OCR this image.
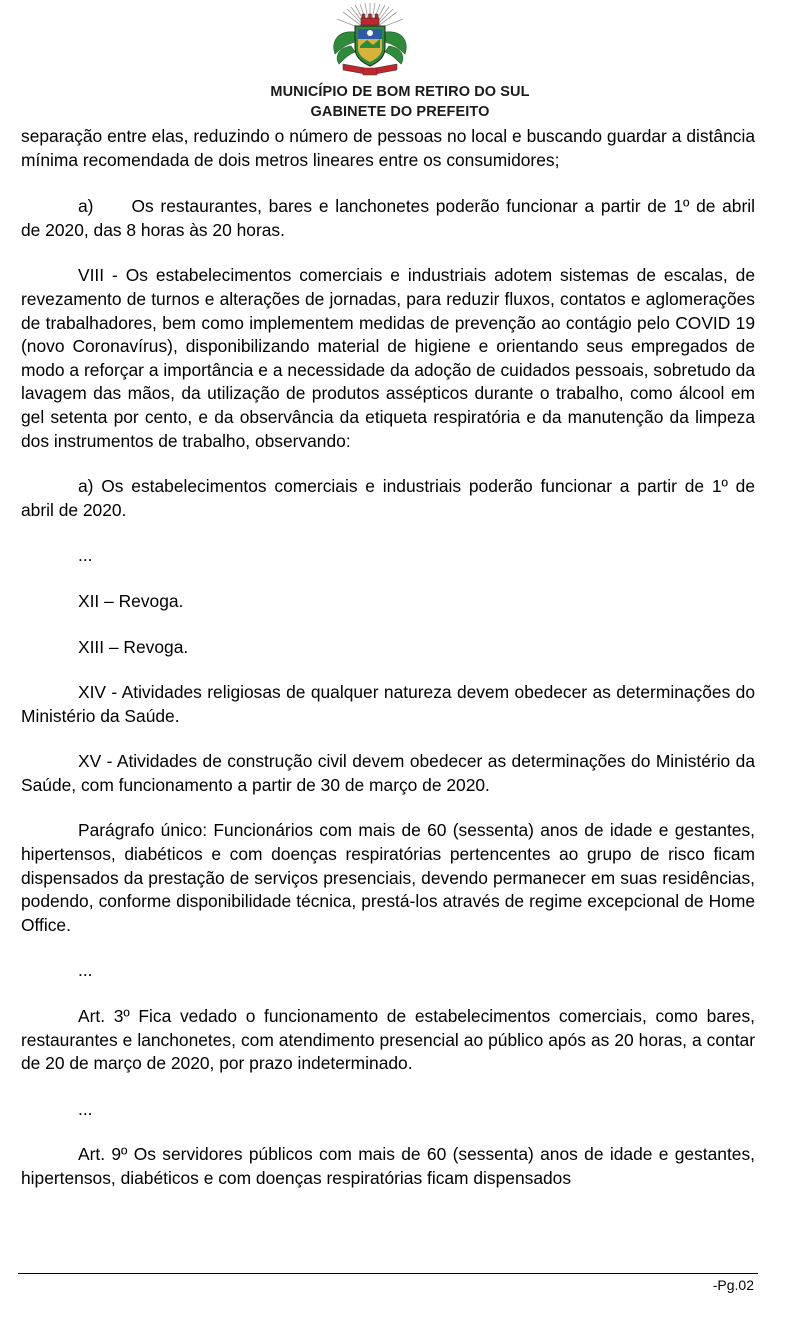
MUNICÍPIO DE BOM RETIRO DO SUL
GABINETE DO PREFEITO

separação entre elas, reduzindo o número de pessoas no local e buscando guardar a distância mínima recomendada de dois metros lineares entre os consumidores;

a) Os restaurantes, bares e lanchonetes poderão funcionar a partir de 1º de abril de 2020, das 8 horas às 20 horas.

VIII - Os estabelecimentos comerciais e industriais adotem sistemas de escalas, de revezamento de turnos e alterações de jornadas, para reduzir fluxos, contatos e aglomerações de trabalhadores, bem como implementem medidas de prevenção ao contágio pelo COVID 19 (novo Coronavírus), disponibilizando material de higiene e orientando seus empregados de modo a reforçar a importância e a necessidade da adoção de cuidados pessoais, sobretudo da lavagem das mãos, da utilização de produtos assépticos durante o trabalho, como álcool em gel setenta por cento, e da observância da etiqueta respiratória e da manutenção da limpeza dos instrumentos de trabalho, observando:

a) Os estabelecimentos comerciais e industriais poderão funcionar a partir de 1º de abril de 2020.

...

XII – Revoga.

XIII – Revoga.

XIV - Atividades religiosas de qualquer natureza devem obedecer as determinações do Ministério da Saúde.

XV - Atividades de construção civil devem obedecer as determinações do Ministério da Saúde, com funcionamento a partir de 30 de março de 2020.

Parágrafo único: Funcionários com mais de 60 (sessenta) anos de idade e gestantes, hipertensos, diabéticos e com doenças respiratórias pertencentes ao grupo de risco ficam dispensados da prestação de serviços presenciais, devendo permanecer em suas residências, podendo, conforme disponibilidade técnica, prestá-los através de regime excepcional de Home Office.

...

Art. 3º Fica vedado o funcionamento de estabelecimentos comerciais, como bares, restaurantes e lanchonetes, com atendimento presencial ao público após as 20 horas, a contar de 20 de março de 2020, por prazo indeterminado.

...

Art. 9º Os servidores públicos com mais de 60 (sessenta) anos de idade e gestantes, hipertensos, diabéticos e com doenças respiratórias ficam dispensados

-Pg.02
